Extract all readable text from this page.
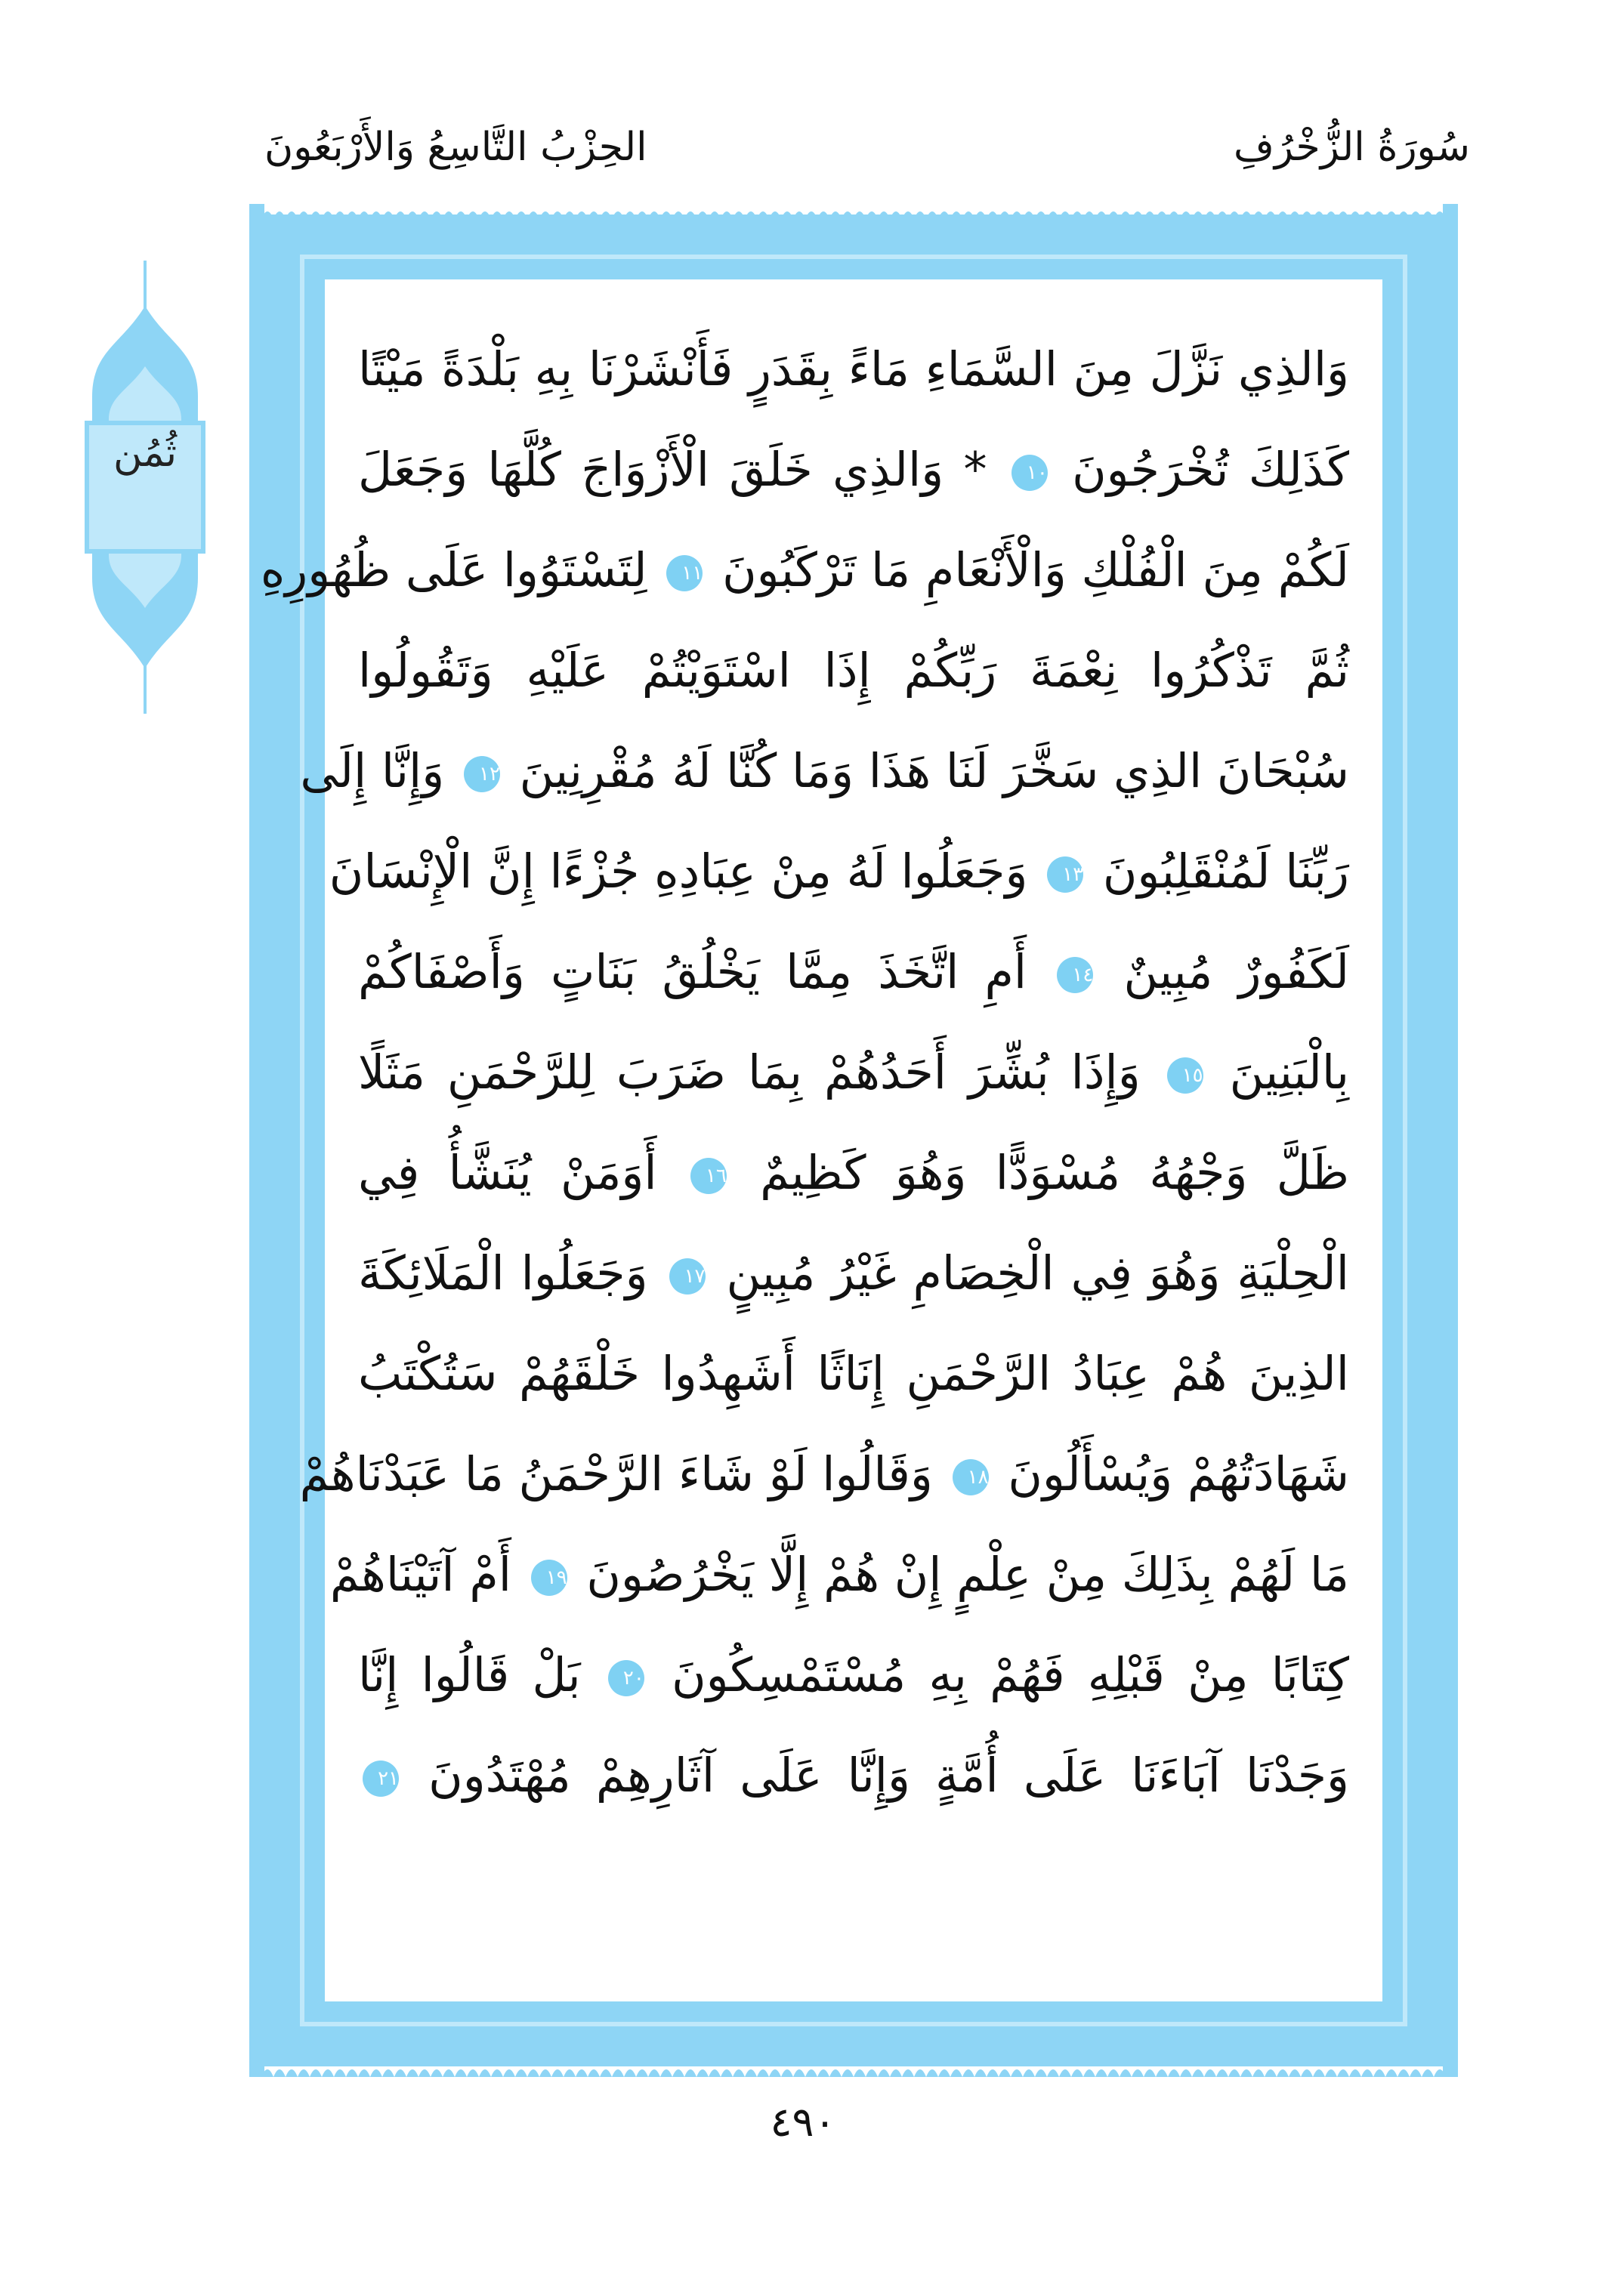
سُورَةُ الزُّخْرُفِ
الحِزْبُ التَّاسِعُ وَالأَرْبَعُونَ
ثُمُن
وَالذِي نَزَّلَ مِنَ السَّمَاءِ مَاءً بِقَدَرٍ فَأَنْشَرْنَا بِهِ بَلْدَةً مَيْتًا
كَذَلِكَ تُخْرَجُونَ ١٠ * وَالذِي خَلَقَ الْأَزْوَاجَ كُلَّهَا وَجَعَلَ
لَكُمْ مِنَ الْفُلْكِ وَالْأَنْعَامِ مَا تَرْكَبُونَ ١١ لِتَسْتَوُوا عَلَى ظُهُورِهِ
ثُمَّ تَذْكُرُوا نِعْمَةَ رَبِّكُمْ إِذَا اسْتَوَيْتُمْ عَلَيْهِ وَتَقُولُوا
سُبْحَانَ الذِي سَخَّرَ لَنَا هَذَا وَمَا كُنَّا لَهُ مُقْرِنِينَ ١٢ وَإِنَّا إِلَى
رَبِّنَا لَمُنْقَلِبُونَ ١٣ وَجَعَلُوا لَهُ مِنْ عِبَادِهِ جُزْءًا إِنَّ الْإِنْسَانَ
لَكَفُورٌ مُبِينٌ ١٤ أَمِ اتَّخَذَ مِمَّا يَخْلُقُ بَنَاتٍ وَأَصْفَاكُمْ
بِالْبَنِينَ ١٥ وَإِذَا بُشِّرَ أَحَدُهُمْ بِمَا ضَرَبَ لِلرَّحْمَنِ مَثَلًا
ظَلَّ وَجْهُهُ مُسْوَدًّا وَهُوَ كَظِيمٌ ١٦ أَوَمَنْ يُنَشَّأُ فِي
الْحِلْيَةِ وَهُوَ فِي الْخِصَامِ غَيْرُ مُبِينٍ ١٧ وَجَعَلُوا الْمَلَائِكَةَ
الذِينَ هُمْ عِبَادُ الرَّحْمَنِ إِنَاثًا أَشَهِدُوا خَلْقَهُمْ سَتُكْتَبُ
شَهَادَتُهُمْ وَيُسْأَلُونَ ١٨ وَقَالُوا لَوْ شَاءَ الرَّحْمَنُ مَا عَبَدْنَاهُمْ
مَا لَهُمْ بِذَلِكَ مِنْ عِلْمٍ إِنْ هُمْ إِلَّا يَخْرُصُونَ ١٩ أَمْ آتَيْنَاهُمْ
كِتَابًا مِنْ قَبْلِهِ فَهُمْ بِهِ مُسْتَمْسِكُونَ ٢٠ بَلْ قَالُوا إِنَّا
وَجَدْنَا آبَاءَنَا عَلَى أُمَّةٍ وَإِنَّا عَلَى آثَارِهِمْ مُهْتَدُونَ ٢١
٤٩٠
